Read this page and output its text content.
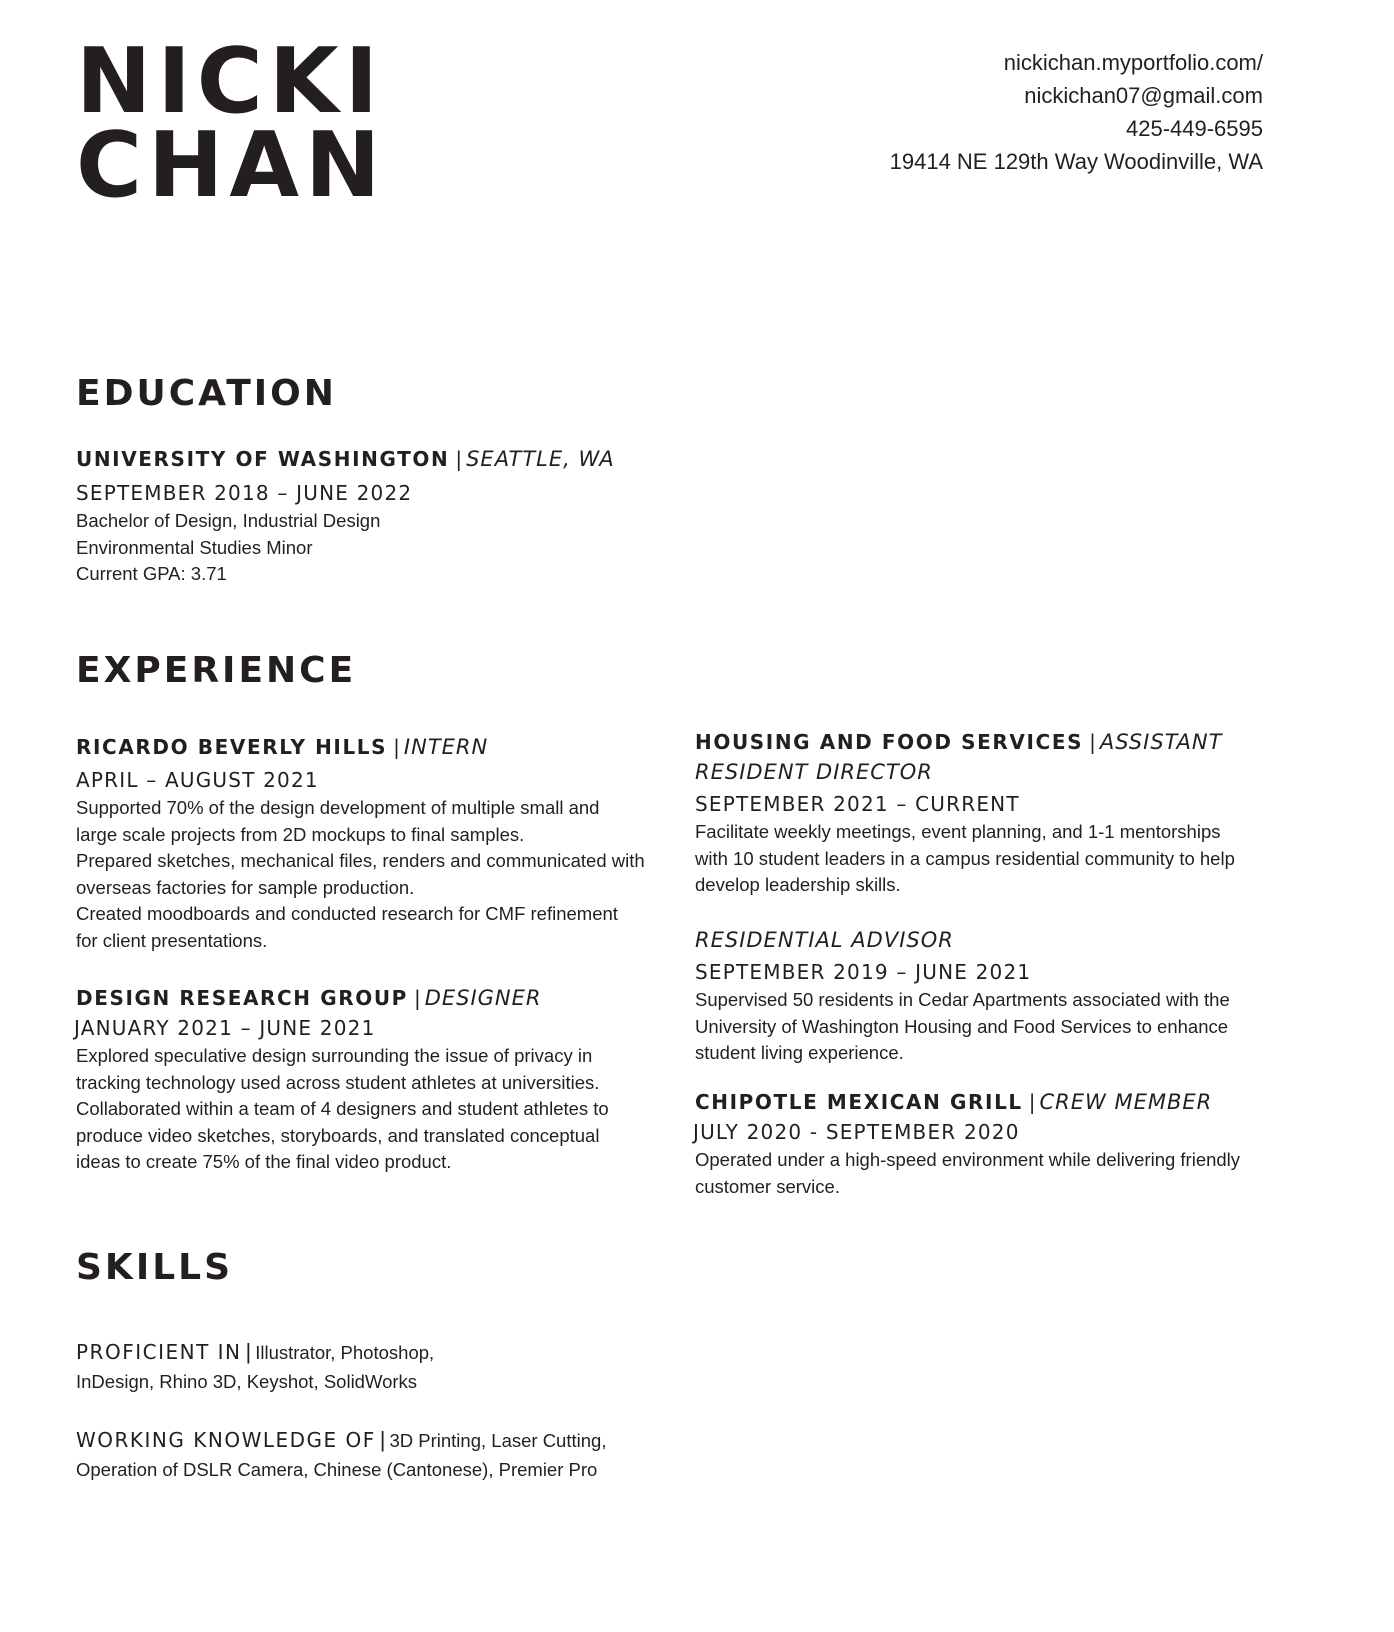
NICKI
CHAN
nickichan.myportfolio.com/
nickichan07@gmail.com
425-449-6595
19414 NE 129th Way Woodinville, WA
EDUCATION
UNIVERSITY OF WASHINGTON | SEATTLE, WA
SEPTEMBER 2018 – JUNE 2022
Bachelor of Design, Industrial Design
Environmental Studies Minor
Current GPA: 3.71
EXPERIENCE
RICARDO BEVERLY HILLS | INTERN
APRIL – AUGUST 2021
Supported 70% of the design development of multiple small and
large scale projects from 2D mockups to final samples.
Prepared sketches, mechanical files, renders and communicated with
overseas factories for sample production.
Created moodboards and conducted research for CMF refinement
for client presentations.
DESIGN RESEARCH GROUP | DESIGNER
JANUARY 2021 – JUNE 2021
Explored speculative design surrounding the issue of privacy in
tracking technology used across student athletes at universities.
Collaborated within a team of 4 designers and student athletes to
produce video sketches, storyboards, and translated conceptual
ideas to create 75% of the final video product.
HOUSING AND FOOD SERVICES | ASSISTANT
RESIDENT DIRECTOR
SEPTEMBER 2021 – CURRENT
Facilitate weekly meetings, event planning, and 1-1 mentorships
with 10 student leaders in a campus residential community to help
develop leadership skills.
RESIDENTIAL ADVISOR
SEPTEMBER 2019 – JUNE 2021
Supervised 50 residents in Cedar Apartments associated with the
University of Washington Housing and Food Services to enhance
student living experience.
CHIPOTLE MEXICAN GRILL | CREW MEMBER
JULY 2020 - SEPTEMBER 2020
Operated under a high-speed environment while delivering friendly
customer service.
SKILLS
PROFICIENT IN | Illustrator, Photoshop,
InDesign, Rhino 3D, Keyshot, SolidWorks
WORKING KNOWLEDGE OF | 3D Printing, Laser Cutting,
Operation of DSLR Camera, Chinese (Cantonese), Premier Pro
